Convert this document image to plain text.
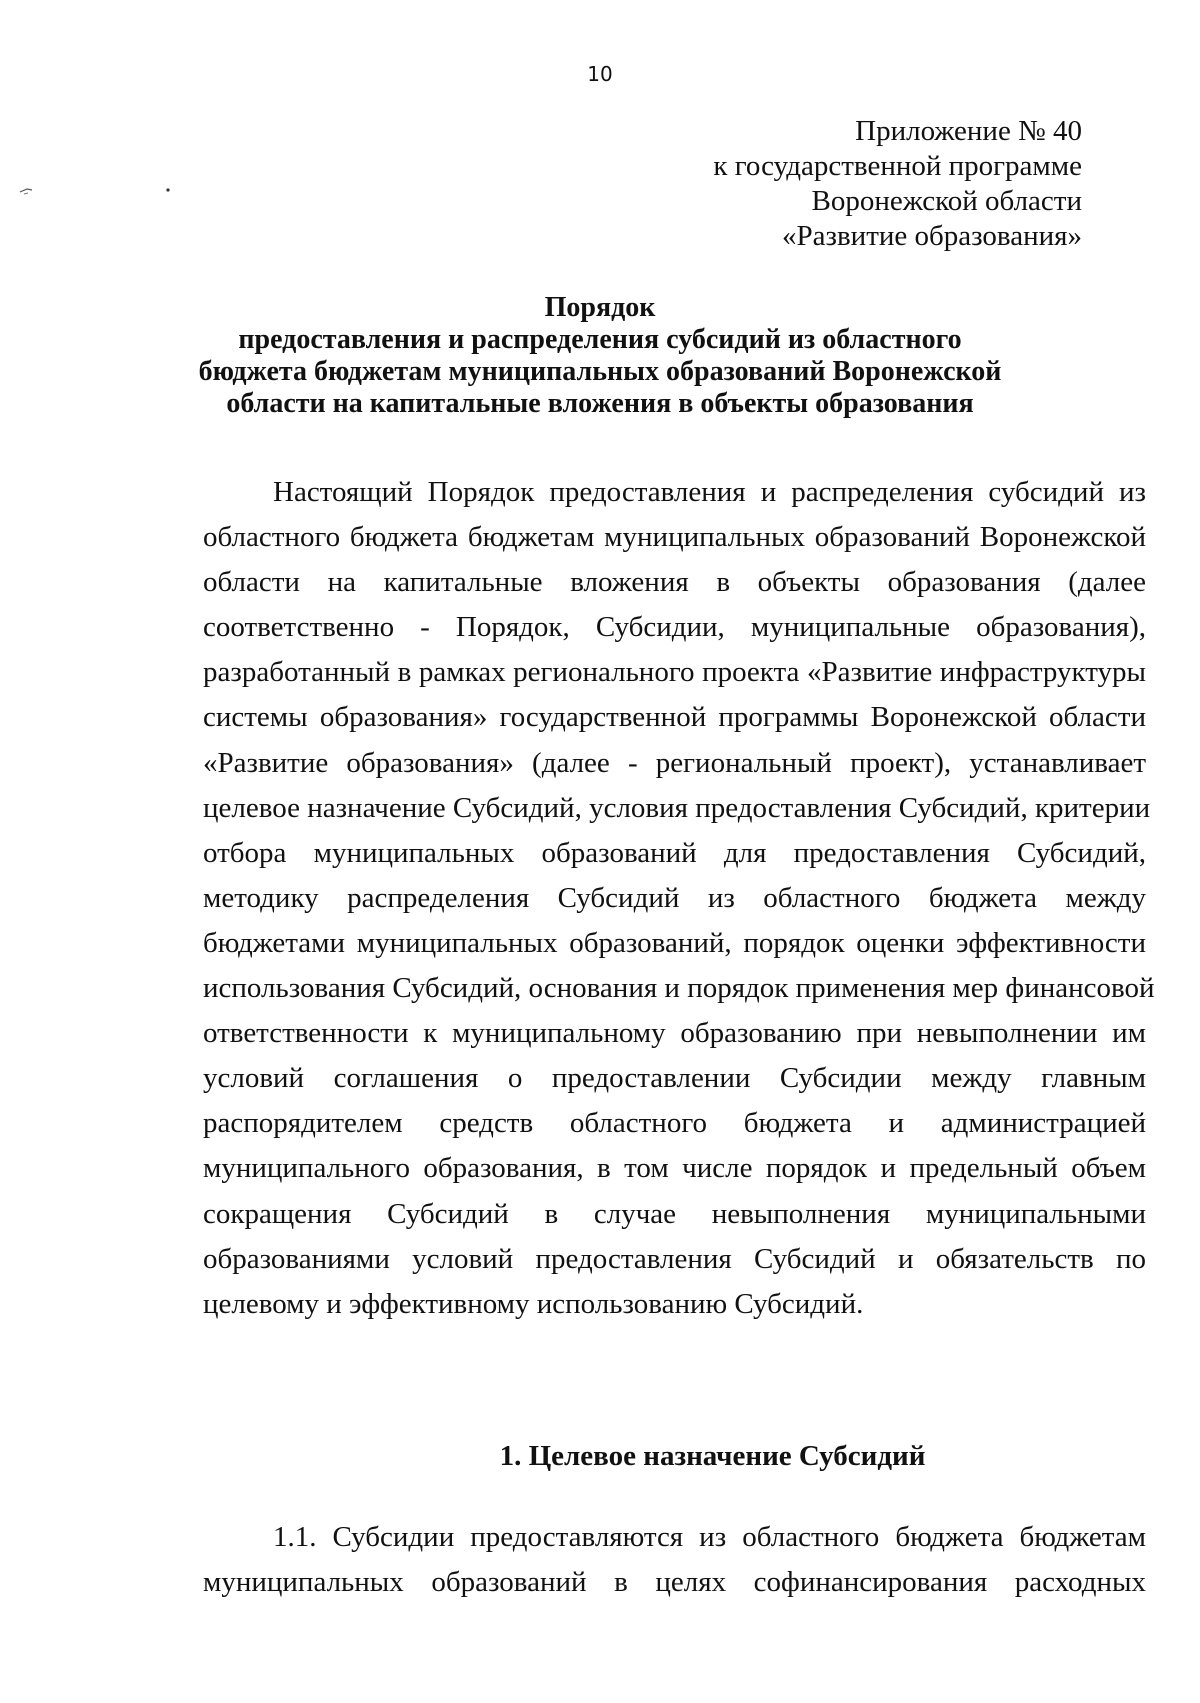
10
Приложение № 40
к государственной программе
Воронежской области
«Развитие образования»
Порядок
предоставления и распределения субсидий из областного
бюджета бюджетам муниципальных образований Воронежской
области на капитальные вложения в объекты образования
Настоящий Порядок предоставления и распределения субсидий из
областного бюджета бюджетам муниципальных образований Воронежской
области на капитальные вложения в объекты образования (далее
соответственно - Порядок, Субсидии, муниципальные образования),
разработанный в рамках регионального проекта «Развитие инфраструктуры
системы образования» государственной программы Воронежской области
«Развитие образования» (далее - региональный проект), устанавливает
целевое назначение Субсидий, условия предоставления Субсидий, критерии
отбора муниципальных образований для предоставления Субсидий,
методику распределения Субсидий из областного бюджета между
бюджетами муниципальных образований, порядок оценки эффективности
использования Субсидий, основания и порядок применения мер финансовой
ответственности к муниципальному образованию при невыполнении им
условий соглашения о предоставлении Субсидии между главным
распорядителем средств областного бюджета и администрацией
муниципального образования, в том числе порядок и предельный объем
сокращения Субсидий в случае невыполнения муниципальными
образованиями условий предоставления Субсидий и обязательств по
целевому и эффективному использованию Субсидий.
1. Целевое назначение Субсидий
1.1. Субсидии предоставляются из областного бюджета бюджетам
муниципальных образований в целях софинансирования расходных
